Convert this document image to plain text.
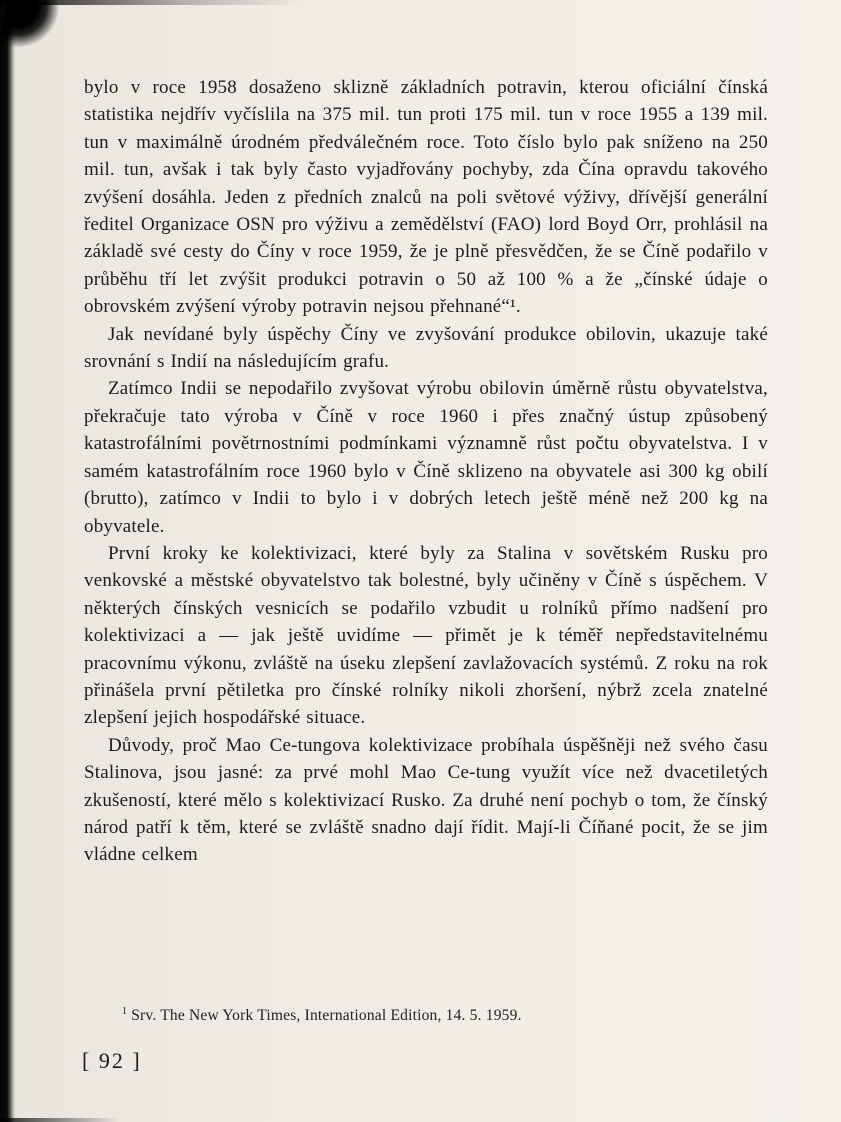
bylo v roce 1958 dosaženo sklizně základních potravin, kterou oficiální čínská statistika nejdřív vyčíslila na 375 mil. tun proti 175 mil. tun v roce 1955 a 139 mil. tun v maximálně úrodném předválečném roce. Toto číslo bylo pak sníženo na 250 mil. tun, avšak i tak byly často vyjadřovány pochyby, zda Čína opravdu takového zvýšení dosáhla. Jeden z předních znalců na poli světové výživy, dřívější generální ředitel Organizace OSN pro výživu a zemědělství (FAO) lord Boyd Orr, prohlásil na základě své cesty do Číny v roce 1959, že je plně přesvědčen, že se Číně podařilo v průběhu tří let zvýšit produkci potravin o 50 až 100 % a že „čínské údaje o obrovském zvýšení výroby potravin nejsou přehnané“¹.

Jak nevídané byly úspěchy Číny ve zvyšování produkce obilovin, ukazuje také srovnání s Indií na následujícím grafu.

Zatímco Indii se nepodařilo zvyšovat výrobu obilovin úměrně růstu obyvatelstva, překračuje tato výroba v Číně v roce 1960 i přes značný ústup způsobený katastrofálními povětrnostními podmínkami významně růst počtu obyvatelstva. I v samém katastrofálním roce 1960 bylo v Číně sklizeno na obyvatele asi 300 kg obilí (brutto), zatímco v Indii to bylo i v dobrých letech ještě méně než 200 kg na obyvatele.

První kroky ke kolektivizaci, které byly za Stalina v sovětském Rusku pro venkovské a městské obyvatelstvo tak bolestné, byly učiněny v Číně s úspěchem. V některých čínských vesnicích se podařilo vzbudit u rolníků přímo nadšení pro kolektivizaci a — jak ještě uvidíme — přimět je k téměř nepředstavitelnému pracovnímu výkonu, zvláště na úseku zlepšení zavlažovacích systémů. Z roku na rok přinášela první pětiletka pro čínské rolníky nikoli zhoršení, nýbrž zcela znatelné zlepšení jejich hospodářské situace.

Důvody, proč Mao Ce-tungova kolektivizace probíhala úspěšněji než svého času Stalinova, jsou jasné: za prvé mohl Mao Ce-tung využít více než dvacetiletých zkušeností, které mělo s kolektivizací Rusko. Za druhé není pochyb o tom, že čínský národ patří k těm, které se zvláště snadno dají řídit. Mají-li Číňané pocit, že se jim vládne celkem

$^1$ Srv. The New York Times, International Edition, 14. 5. 1959.
[ 92 ]
